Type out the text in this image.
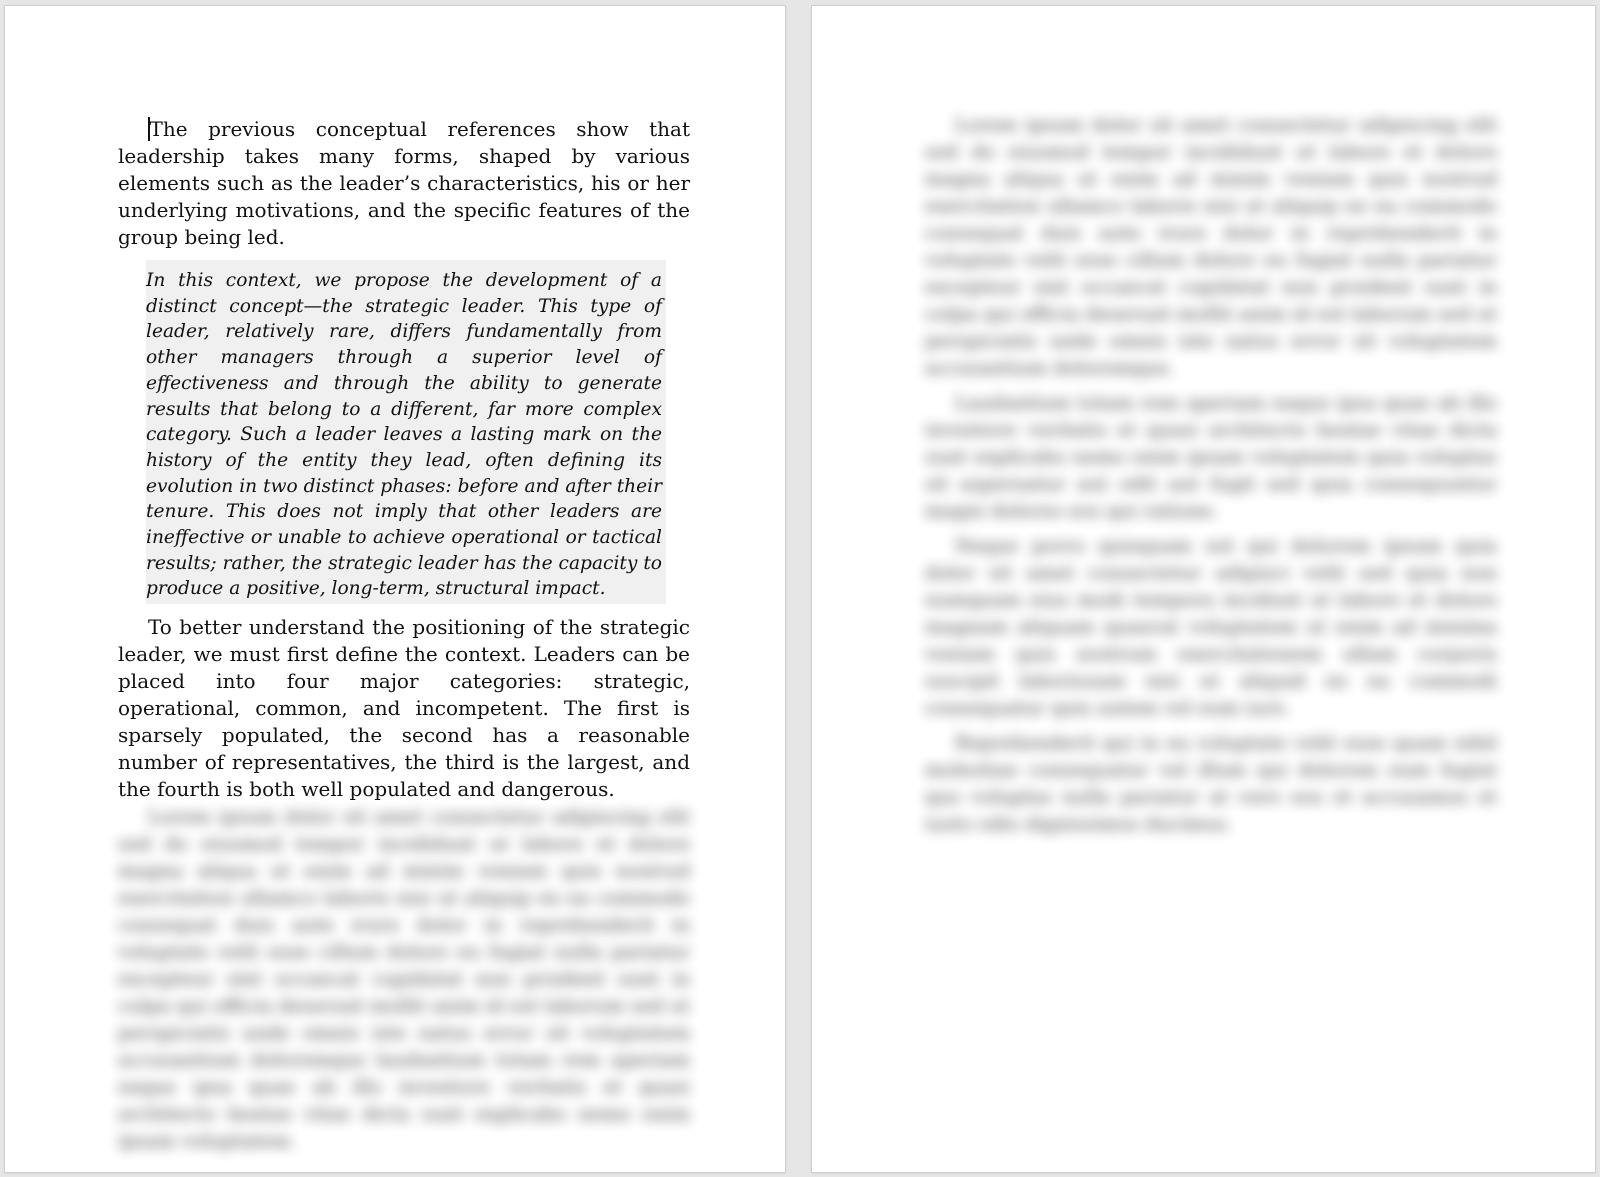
The previous conceptual references show that leadership takes many forms, shaped by various elements such as the leader’s characteristics, his or her underlying motivations, and the specific features of the group being led.
In this context, we propose the development of a distinct concept—the strategic leader. This type of leader, relatively rare, differs fundamentally from other managers through a superior level of effectiveness and through the ability to generate results that belong to a different, far more complex category. Such a leader leaves a lasting mark on the history of the entity they lead, often defining its evolution in two distinct phases: before and after their tenure. This does not imply that other leaders are ineffective or unable to achieve operational or tactical results; rather, the strategic leader has the capacity to produce a positive, long-term, structural impact.
To better understand the positioning of the strategic leader, we must first define the context. Leaders can be placed into four major categories: strategic, operational, common, and incompetent. The first is sparsely populated, the second has a reasonable number of representatives, the third is the largest, and the fourth is both well populated and dangerous.
Lorem ipsum dolor sit amet consectetur adipiscing elit sed do eiusmod tempor incididunt ut labore et dolore magna aliqua ut enim ad minim veniam quis nostrud exercitation ullamco laboris nisi ut aliquip ex ea commodo consequat duis aute irure dolor in reprehenderit in voluptate velit esse cillum dolore eu fugiat nulla pariatur excepteur sint occaecat cupidatat non proident sunt in culpa qui officia deserunt mollit anim id est laborum sed ut perspiciatis unde omnis iste natus error sit voluptatem accusantium doloremque laudantium totam rem aperiam eaque ipsa quae ab illo inventore veritatis et quasi architecto beatae vitae dicta sunt explicabo nemo enim ipsam voluptatem.

Lorem ipsum dolor sit amet consectetur adipiscing elit sed do eiusmod tempor incididunt ut labore et dolore magna aliqua ut enim ad minim veniam quis nostrud exercitation ullamco laboris nisi ut aliquip ex ea commodo consequat duis aute irure dolor in reprehenderit in voluptate velit esse cillum dolore eu fugiat nulla pariatur excepteur sint occaecat cupidatat non proident sunt in culpa qui officia deserunt mollit anim id est laborum sed ut perspiciatis unde omnis iste natus error sit voluptatem accusantium doloremque.

Laudantium totam rem aperiam eaque ipsa quae ab illo inventore veritatis et quasi architecto beatae vitae dicta sunt explicabo nemo enim ipsam voluptatem quia voluptas sit aspernatur aut odit aut fugit sed quia consequuntur magni dolores eos qui ratione.

Neque porro quisquam est qui dolorem ipsum quia dolor sit amet consectetur adipisci velit sed quia non numquam eius modi tempora incidunt ut labore et dolore magnam aliquam quaerat voluptatem ut enim ad minima veniam quis nostrum exercitationem ullam corporis suscipit laboriosam nisi ut aliquid ex ea commodi consequatur quis autem vel eum iure.

Reprehenderit qui in ea voluptate velit esse quam nihil molestiae consequatur vel illum qui dolorem eum fugiat quo voluptas nulla pariatur at vero eos et accusamus et iusto odio dignissimos ducimus.
